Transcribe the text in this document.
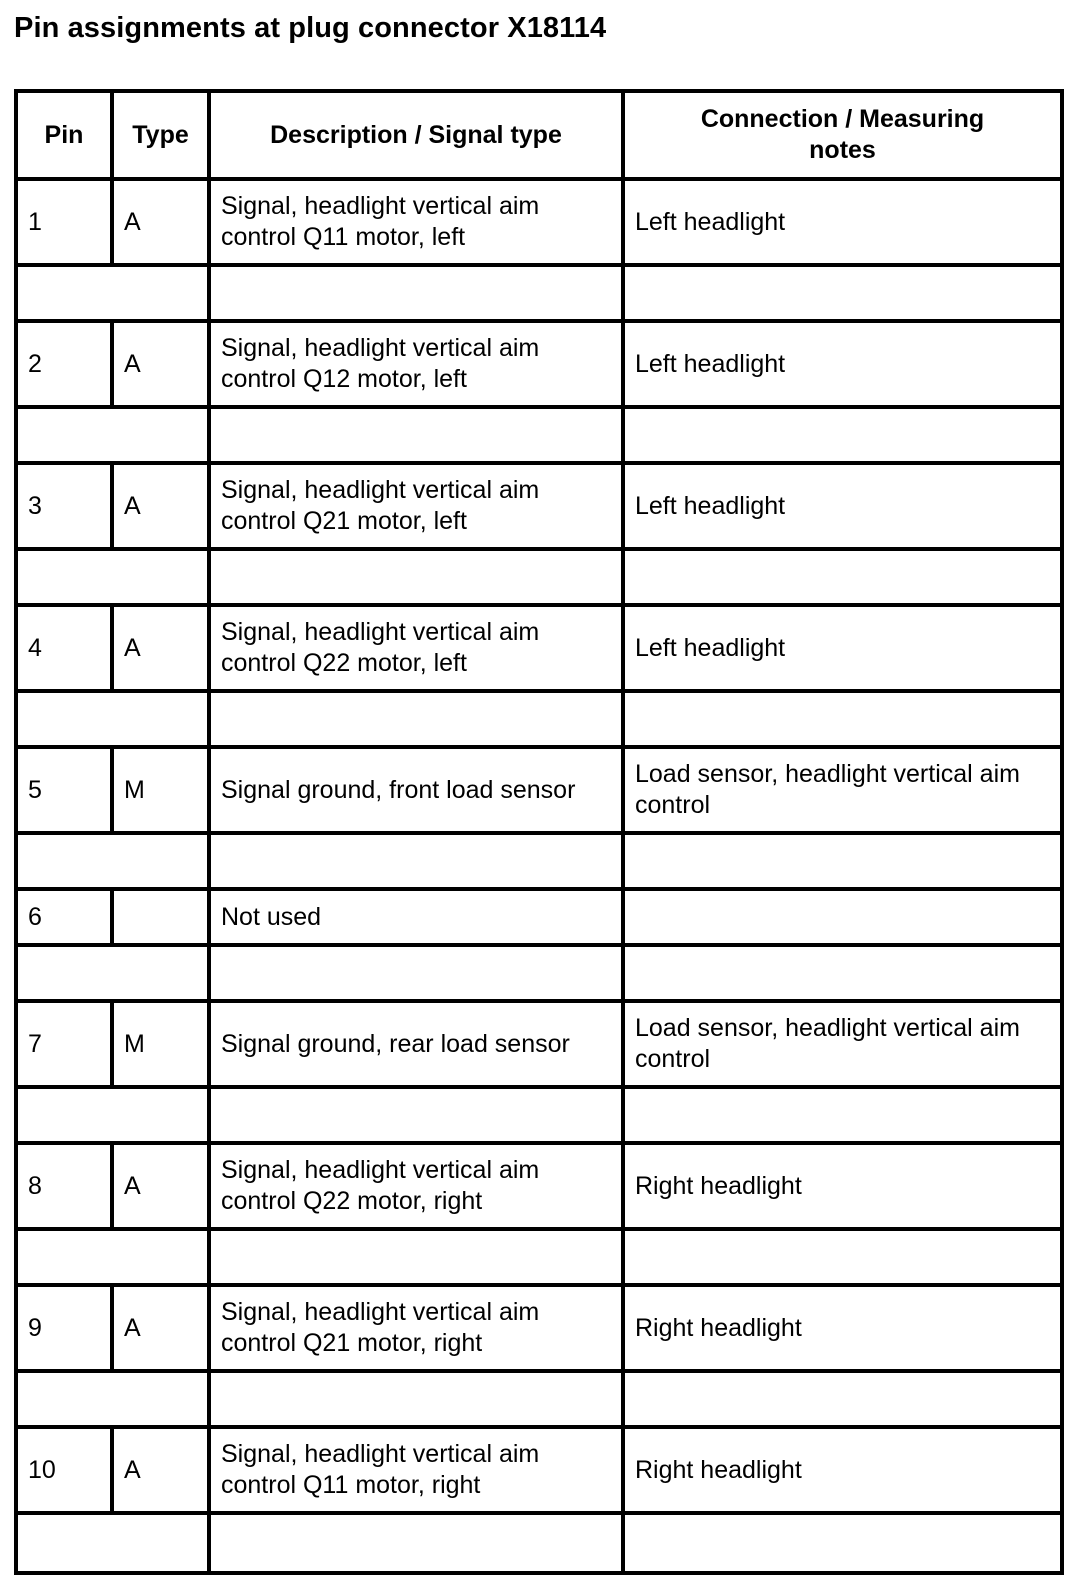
Pin assignments at plug connector X18114
Pin	Type	Description / Signal type	Connection / Measuring notes
1	A	Signal, headlight vertical aim control Q11 motor, left	Left headlight

2	A	Signal, headlight vertical aim control Q12 motor, left	Left headlight

3	A	Signal, headlight vertical aim control Q21 motor, left	Left headlight

4	A	Signal, headlight vertical aim control Q22 motor, left	Left headlight

5	M	Signal ground, front load sensor	Load sensor, headlight vertical aim control

6		Not used	

7	M	Signal ground, rear load sensor	Load sensor, headlight vertical aim control

8	A	Signal, headlight vertical aim control Q22 motor, right	Right headlight

9	A	Signal, headlight vertical aim control Q21 motor, right	Right headlight

10	A	Signal, headlight vertical aim control Q11 motor, right	Right headlight
